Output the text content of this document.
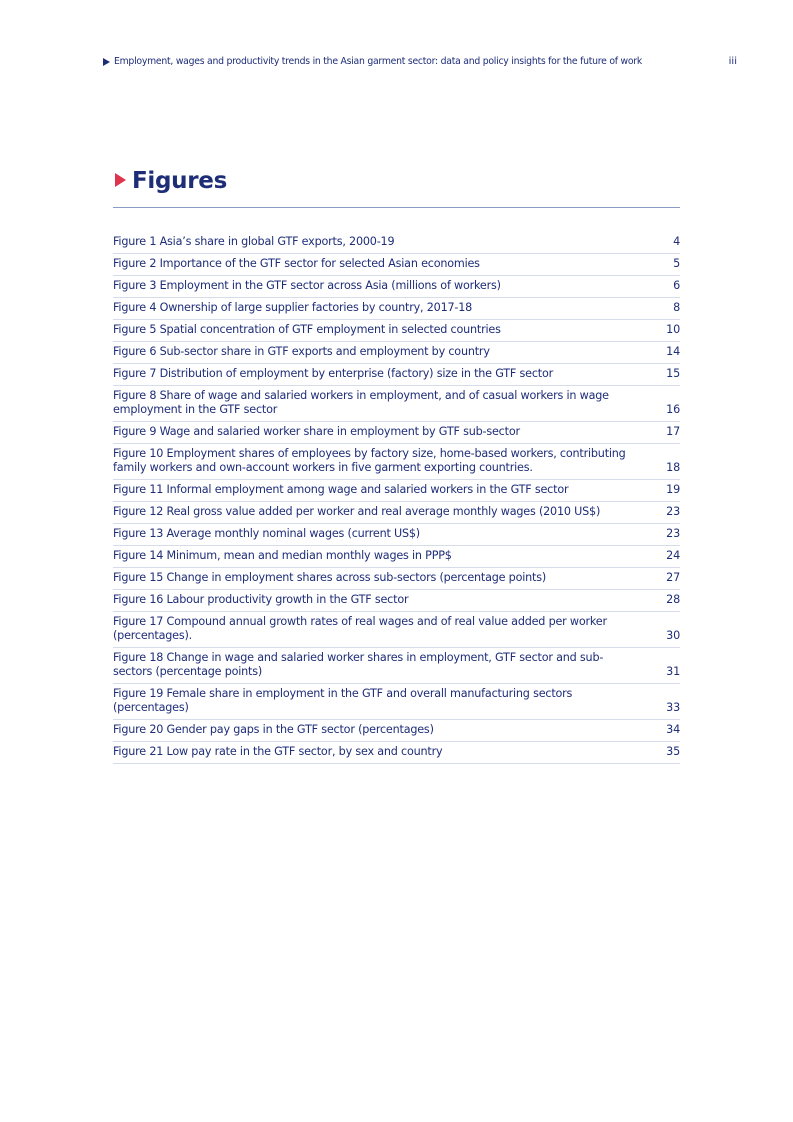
Employment, wages and productivity trends in the Asian garment sector: data and policy insights for the future of work	iii
Figures
Figure 1 Asia’s share in global GTF exports, 2000-19	4
Figure 2 Importance of the GTF sector for selected Asian economies	5
Figure 3 Employment in the GTF sector across Asia (millions of workers)	6
Figure 4 Ownership of large supplier factories by country, 2017-18	8
Figure 5 Spatial concentration of GTF employment in selected countries	10
Figure 6 Sub-sector share in GTF exports and employment by country	14
Figure 7 Distribution of employment by enterprise (factory) size in the GTF sector	15
Figure 8 Share of wage and salaried workers in employment, and of casual workers in wage employment in the GTF sector	16
Figure 9 Wage and salaried worker share in employment by GTF sub-sector	17
Figure 10 Employment shares of employees by factory size, home-based workers, contributing family workers and own-account workers in five garment exporting countries.	18
Figure 11 Informal employment among wage and salaried workers in the GTF sector	19
Figure 12 Real gross value added per worker and real average monthly wages (2010 US$)	23
Figure 13 Average monthly nominal wages (current US$)	23
Figure 14 Minimum, mean and median monthly wages in PPP$	24
Figure 15 Change in employment shares across sub-sectors (percentage points)	27
Figure 16 Labour productivity growth in the GTF sector	28
Figure 17 Compound annual growth rates of real wages and of real value added per worker (percentages).	30
Figure 18 Change in wage and salaried worker shares in employment, GTF sector and sub-sectors (percentage points)	31
Figure 19 Female share in employment in the GTF and overall manufacturing sectors (percentages)	33
Figure 20 Gender pay gaps in the GTF sector (percentages)	34
Figure 21 Low pay rate in the GTF sector, by sex and country	35
